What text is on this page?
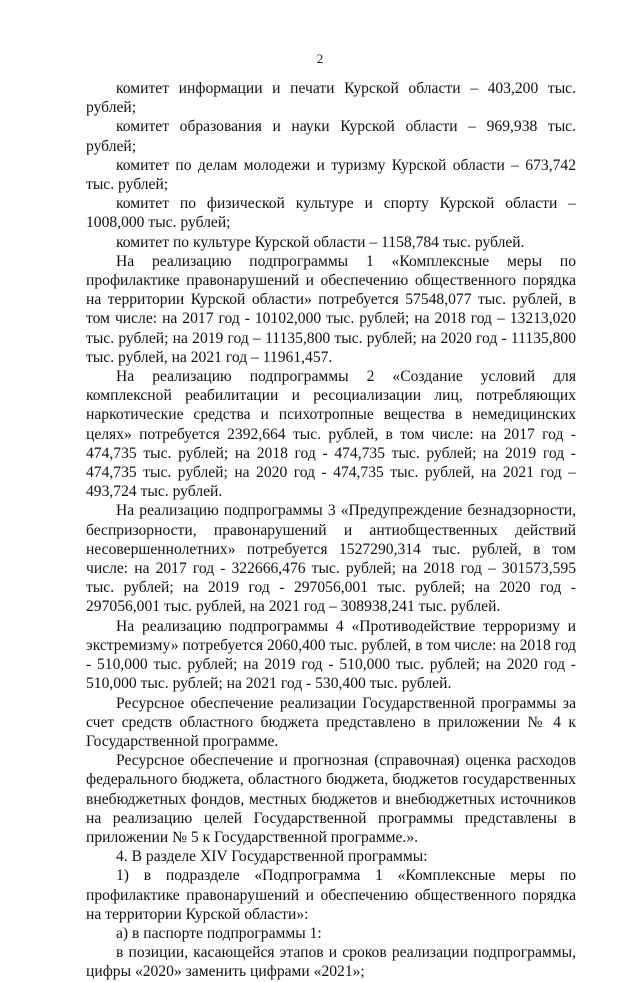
2

комитет информации и печати Курской области – 403,200 тыс. рублей;

комитет образования и науки Курской области – 969,938 тыс. рублей;

комитет по делам молодежи и туризму Курской области – 673,742 тыс. рублей;

комитет по физической культуре и спорту Курской области – 1008,000 тыс. рублей;

комитет по культуре Курской области – 1158,784 тыс. рублей.

На реализацию подпрограммы 1 «Комплексные меры по профилактике правонарушений и обеспечению общественного порядка на территории Курской области» потребуется 57548,077 тыс. рублей, в том числе: на 2017 год - 10102,000 тыс. рублей; на 2018 год – 13213,020 тыс. рублей; на 2019 год – 11135,800 тыс. рублей; на 2020 год - 11135,800 тыс. рублей, на 2021 год – 11961,457.

На реализацию подпрограммы 2 «Создание условий для комплексной реабилитации и ресоциализации лиц, потребляющих наркотические средства и психотропные вещества в немедицинских целях» потребуется 2392,664 тыс. рублей, в том числе: на 2017 год - 474,735 тыс. рублей; на 2018 год - 474,735 тыс. рублей; на 2019 год - 474,735 тыс. рублей; на 2020 год - 474,735 тыс. рублей, на 2021 год – 493,724 тыс. рублей.

На реализацию подпрограммы 3 «Предупреждение безнадзорности, беспризорности, правонарушений и антиобщественных действий несовершеннолетних» потребуется 1527290,314 тыс. рублей, в том числе: на 2017 год - 322666,476 тыс. рублей; на 2018 год – 301573,595 тыс. рублей; на 2019 год - 297056,001 тыс. рублей; на 2020 год - 297056,001 тыс. рублей, на 2021 год – 308938,241 тыс. рублей.

На реализацию подпрограммы 4 «Противодействие терроризму и экстремизму» потребуется 2060,400 тыс. рублей, в том числе: на 2018 год - 510,000 тыс. рублей; на 2019 год - 510,000 тыс. рублей; на 2020 год - 510,000 тыс. рублей; на 2021 год - 530,400 тыс. рублей.

Ресурсное обеспечение реализации Государственной программы за счет средств областного бюджета представлено в приложении № 4 к Государственной программе.

Ресурсное обеспечение и прогнозная (справочная) оценка расходов федерального бюджета, областного бюджета, бюджетов государственных внебюджетных фондов, местных бюджетов и внебюджетных источников на реализацию целей Государственной программы представлены в приложении № 5 к Государственной программе.».

4. В разделе XIV Государственной программы:

1) в подразделе «Подпрограмма 1 «Комплексные меры по профилактике правонарушений и обеспечению общественного порядка на территории Курской области»:

а) в паспорте подпрограммы 1:

в позиции, касающейся этапов и сроков реализации подпрограммы, цифры «2020» заменить цифрами «2021»;
